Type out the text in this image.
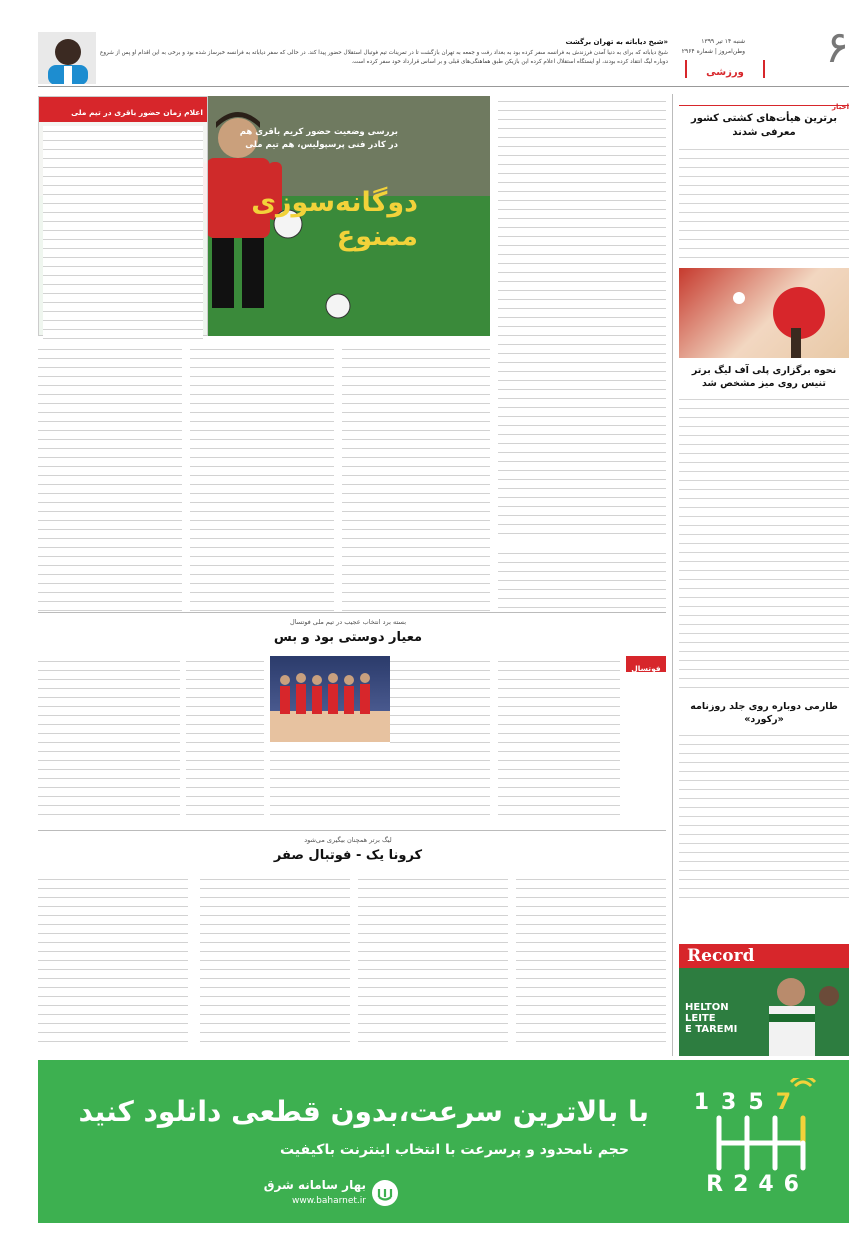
شنبه ۱۴ تیر ۱۳۹۹
وطن‌امروز | شماره ۲۹۶۴ ۶
ورزشی
«شیخ دیاباته به تهران برگشت
شیخ دیاباته که برای به دنیا آمدن فرزندش به فرانسه سفر کرده بود به بغداد رفت و جمعه به تهران بازگشت تا در تمرینات تیم فوتبال استقلال حضور پیدا کند. در حالی که سفر دیاباته به فرانسه خبرساز شده بود و برخی به این اقدام او پس از شروع دوباره لیگ انتقاد کرده بودند، او ایستگاه استقلال اعلام کرده این بازیکن طبق هماهنگی‌های قبلی و بر اساس قرارداد خود سفر کرده است.
اخبار
برترین هیأت‌های کشتی کشور معرفی شدند
نحوه برگزاری پلی آف لیگ برتر تنیس روی میز مشخص شد
طارمی دوباره روی جلد روزنامه «رکورد»
Record
HELTON
LEITE
E TAREMI
اعلام زمان حضور باقری در تیم ملی
بررسی وضعیت حضور کریم باقری هم در کادر فنی پرسپولیس، هم تیم ملی
دوگانه‌سوزی
ممنوع
بسته برد انتخاب عجیب در تیم ملی فوتسال
معیار دوستی بود و بس
فوتسال
لیگ برتر همچنان بیگیری می‌شود
کرونا یک - فوتبال صفر
1357
R246
با بالاترین سرعت،بدون قطعی دانلود کنید
حجم نامحدود و پرسرعت با انتخاب اینترنت باکیفیت
بهار سامانه شرق
www.baharnet.ir
